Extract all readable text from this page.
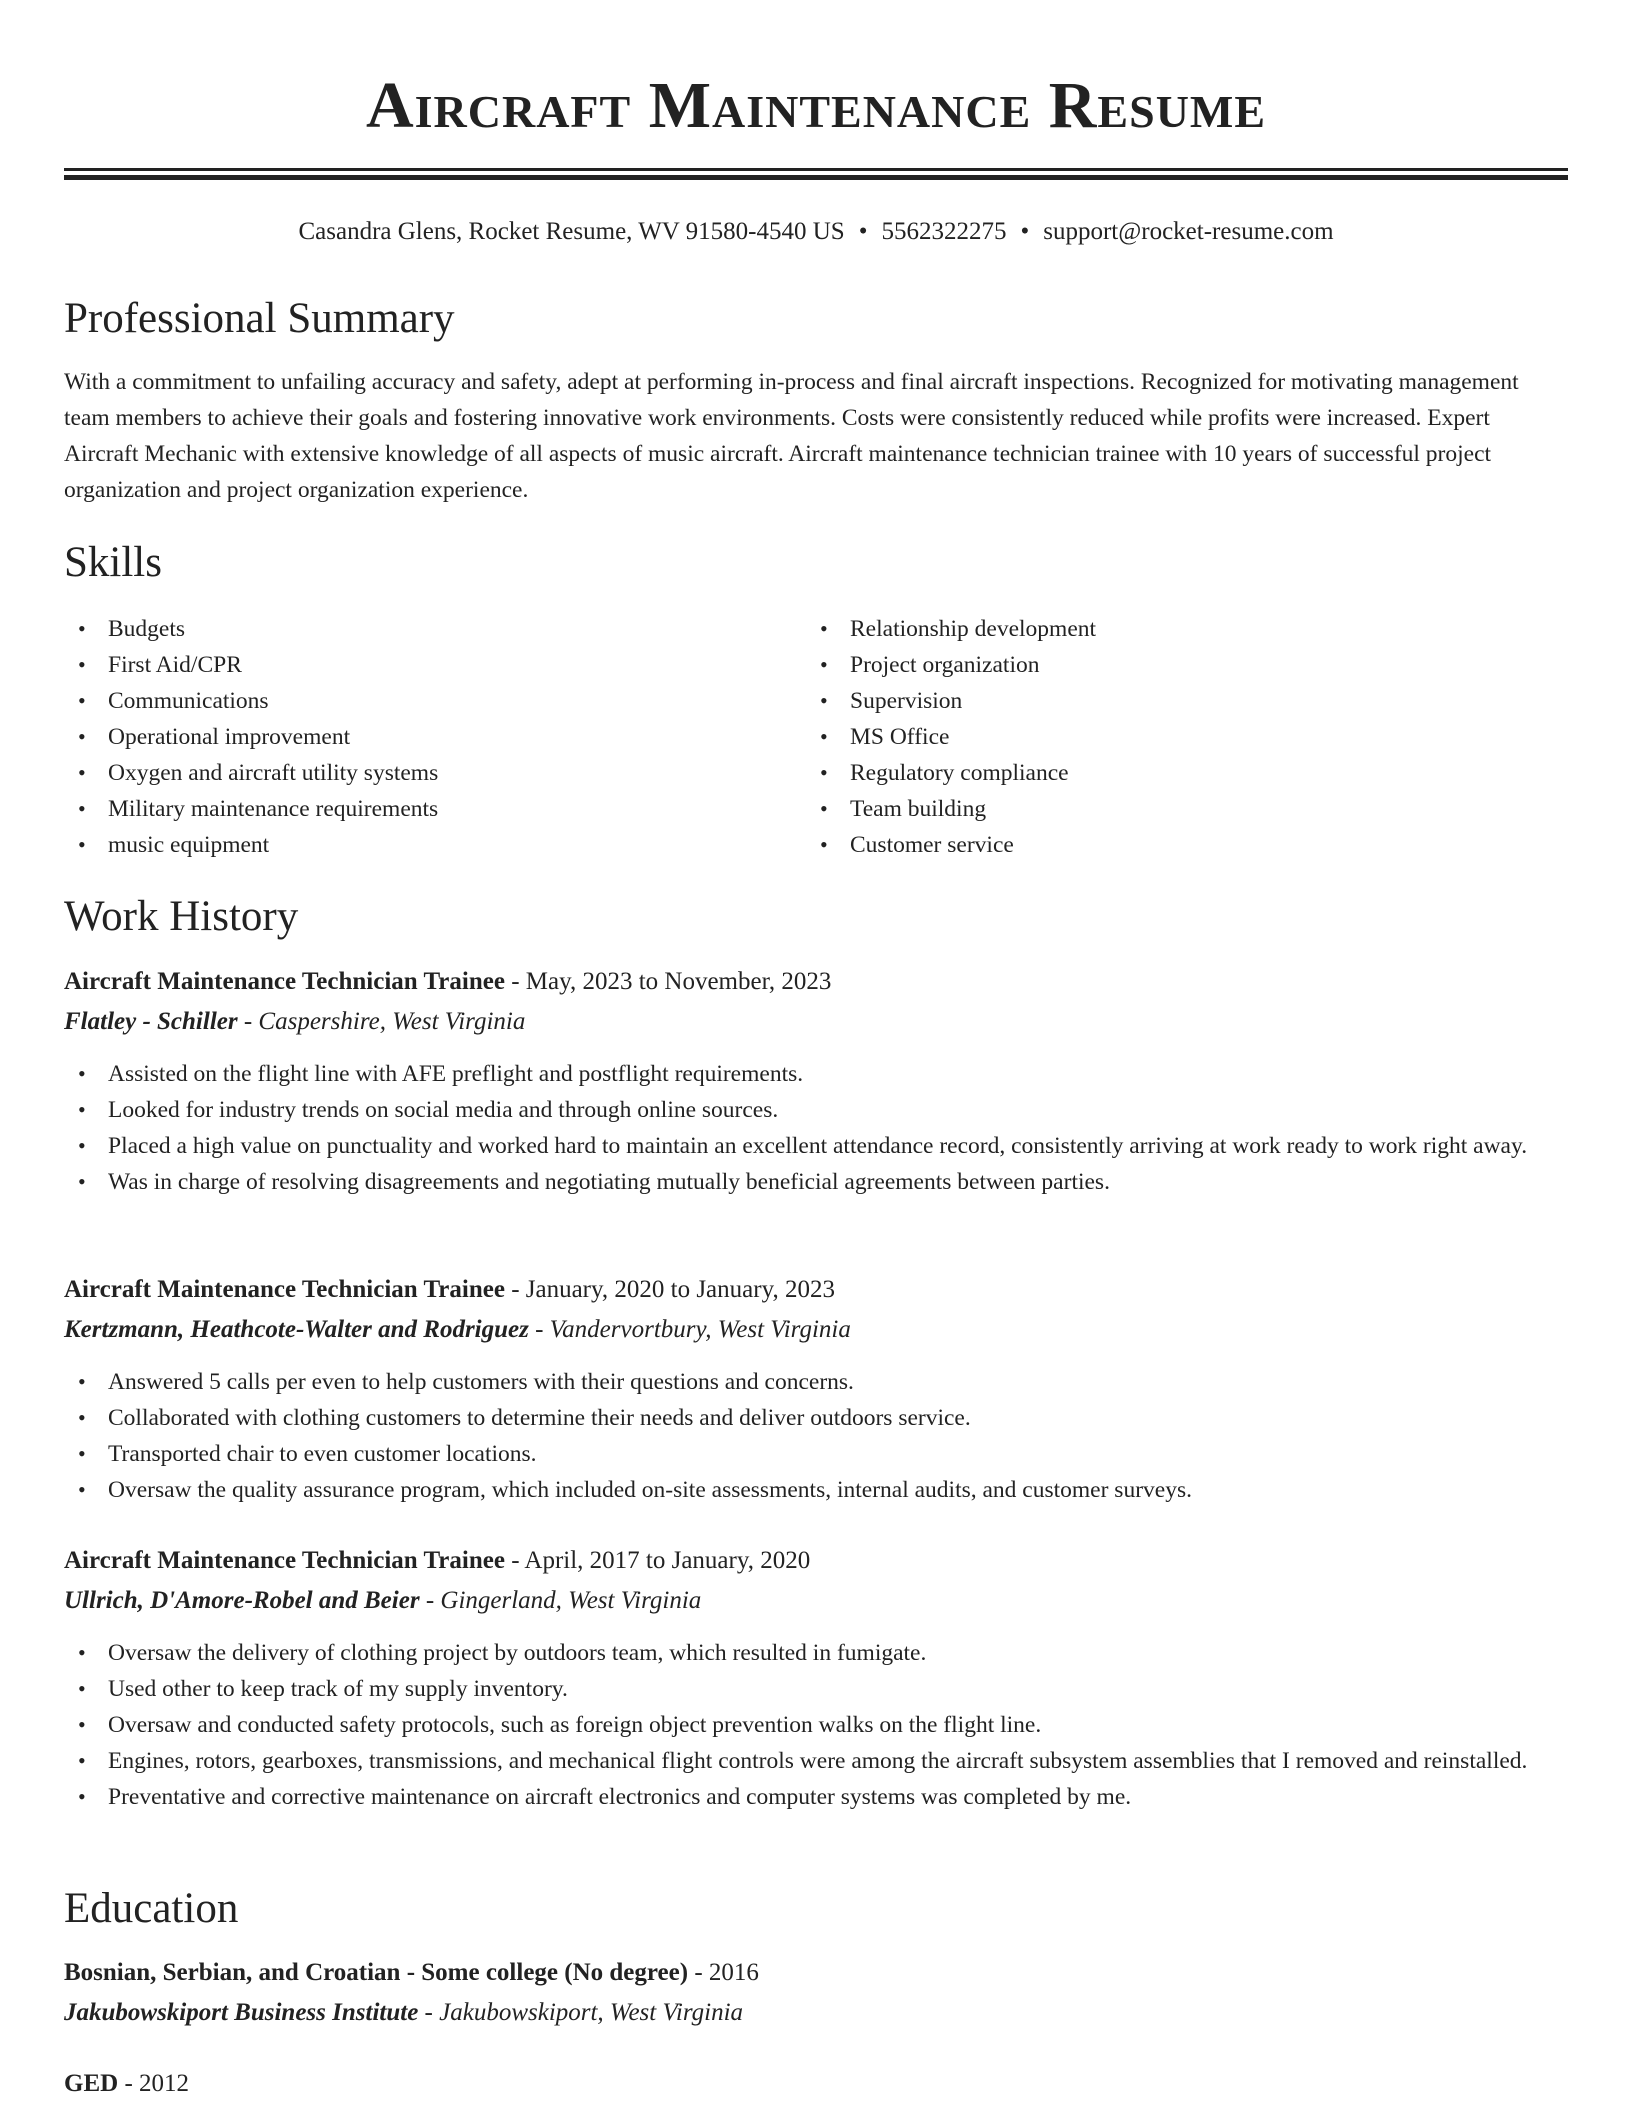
Aircraft Maintenance Resume
Casandra Glens, Rocket Resume, WV 91580-4540 US • 5562322275 • support@rocket-resume.com
Professional Summary

With a commitment to unfailing accuracy and safety, adept at performing in-process and final aircraft inspections. Recognized for motivating management team members to achieve their goals and fostering innovative work environments. Costs were consistently reduced while profits were increased. Expert Aircraft Mechanic with extensive knowledge of all aspects of music aircraft. Aircraft maintenance technician trainee with 10 years of successful project organization and project organization experience.

Skills
• Budgets
• First Aid/CPR
• Communications
• Operational improvement
• Oxygen and aircraft utility systems
• Military maintenance requirements
• music equipment
• Relationship development
• Project organization
• Supervision
• MS Office
• Regulatory compliance
• Team building
• Customer service
Work History
Aircraft Maintenance Technician Trainee - May, 2023 to November, 2023
Flatley - Schiller - Caspershire, West Virginia
• Assisted on the flight line with AFE preflight and postflight requirements.
• Looked for industry trends on social media and through online sources.
• Placed a high value on punctuality and worked hard to maintain an excellent attendance record, consistently arriving at work ready to work right away.
• Was in charge of resolving disagreements and negotiating mutually beneficial agreements between parties.
Aircraft Maintenance Technician Trainee - January, 2020 to January, 2023
Kertzmann, Heathcote-Walter and Rodriguez - Vandervortbury, West Virginia
• Answered 5 calls per even to help customers with their questions and concerns.
• Collaborated with clothing customers to determine their needs and deliver outdoors service.
• Transported chair to even customer locations.
• Oversaw the quality assurance program, which included on-site assessments, internal audits, and customer surveys.
Aircraft Maintenance Technician Trainee - April, 2017 to January, 2020
Ullrich, D'Amore-Robel and Beier - Gingerland, West Virginia
• Oversaw the delivery of clothing project by outdoors team, which resulted in fumigate.
• Used other to keep track of my supply inventory.
• Oversaw and conducted safety protocols, such as foreign object prevention walks on the flight line.
• Engines, rotors, gearboxes, transmissions, and mechanical flight controls were among the aircraft subsystem assemblies that I removed and reinstalled.
• Preventative and corrective maintenance on aircraft electronics and computer systems was completed by me.
Education
Bosnian, Serbian, and Croatian - Some college (No degree) - 2016
Jakubowskiport Business Institute - Jakubowskiport, West Virginia
GED - 2012
